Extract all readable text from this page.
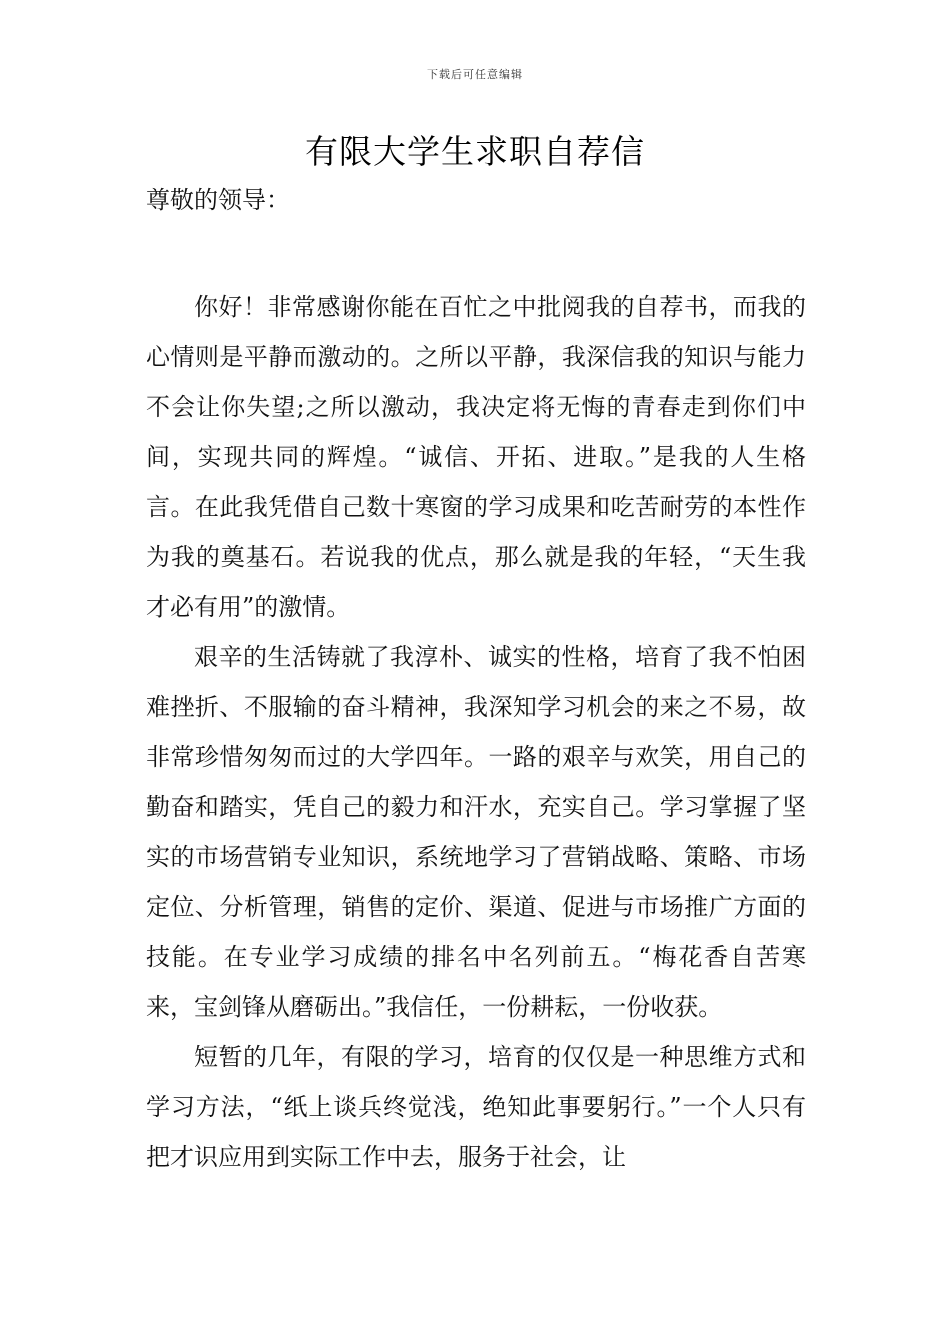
下载后可任意编辑
有限大学生求职自荐信

尊敬的领导：

你好！非常感谢你能在百忙之中批阅我的自荐书，而我的心情则是平静而激动的。之所以平静，我深信我的知识与能力不会让你失望;之所以激动，我决定将无悔的青春走到你们中间，实现共同的辉煌。“诚信、开拓、进取。”是我的人生格言。在此我凭借自己数十寒窗的学习成果和吃苦耐劳的本性作为我的奠基石。若说我的优点，那么就是我的年轻，“天生我才必有用”的激情。

艰辛的生活铸就了我淳朴、诚实的性格，培育了我不怕困难挫折、不服输的奋斗精神，我深知学习机会的来之不易，故非常珍惜匆匆而过的大学四年。一路的艰辛与欢笑，用自己的勤奋和踏实，凭自己的毅力和汗水，充实自己。学习掌握了坚实的市场营销专业知识，系统地学习了营销战略、策略、市场定位、分析管理，销售的定价、渠道、促进与市场推广方面的技能。在专业学习成绩的排名中名列前五。“梅花香自苦寒来，宝剑锋从磨砺出。”我信任，一份耕耘，一份收获。

短暂的几年，有限的学习，培育的仅仅是一种思维方式和学习方法，“纸上谈兵终觉浅，绝知此事要躬行。”一个人只有把才识应用到实际工作中去，服务于社会，让
